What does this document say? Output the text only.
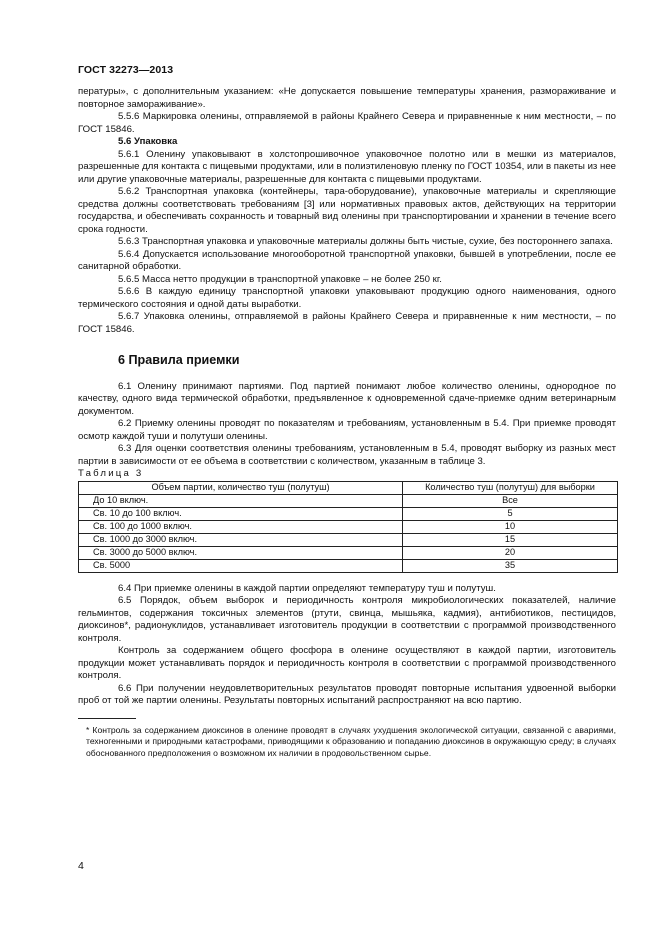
ГОСТ 32273—2013

пературы», с дополнительным указанием: «Не допускается повышение температуры хранения, размораживание и повторное замораживание».

5.5.6 Маркировка оленины, отправляемой в районы Крайнего Севера и приравненные к ним местности, – по ГОСТ 15846.

5.6 Упаковка

5.6.1 Оленину упаковывают в холстопрошивочное упаковочное полотно или в мешки из материалов, разрешенные для контакта с пищевыми продуктами, или в полиэтиленовую пленку по ГОСТ 10354, или в пакеты из нее или другие упаковочные материалы, разрешенные для контакта с пищевыми продуктами.

5.6.2 Транспортная упаковка (контейнеры, тара-оборудование), упаковочные материалы и скрепляющие средства должны соответствовать требованиям [3] или нормативных правовых актов, действующих на территории государства, и обеспечивать сохранность и товарный вид оленины при транспортировании и хранении в течение всего срока годности.

5.6.3 Транспортная упаковка и упаковочные материалы должны быть чистые, сухие, без постороннего запаха.

5.6.4 Допускается использование многооборотной транспортной упаковки, бывшей в употреблении, после ее санитарной обработки.

5.6.5 Масса нетто продукции в транспортной упаковке – не более 250 кг.

5.6.6 В каждую единицу транспортной упаковки упаковывают продукцию одного наименования, одного термического состояния и одной даты выработки.

5.6.7 Упаковка оленины, отправляемой в районы Крайнего Севера и приравненные к ним местности, – по ГОСТ 15846.

6 Правила приемки

6.1 Оленину принимают партиями. Под партией понимают любое количество оленины, однородное по качеству, одного вида термической обработки, предъявленное к одновременной сдаче-приемке одним ветеринарным документом.

6.2 Приемку оленины проводят по показателям и требованиям, установленным в 5.4. При приемке проводят осмотр каждой туши и полутуши оленины.

6.3 Для оценки соответствия оленины требованиям, установленным в 5.4, проводят выборку из разных мест партии в зависимости от ее объема в соответствии с количеством, указанным в таблице 3.

Таблица 3

Объем партии, количество туш (полутуш)	Количество туш (полутуш) для выборки
До 10 включ.	Все
Св. 10 до 100 включ.	5
Св. 100 до 1000 включ.	10
Св. 1000 до 3000 включ.	15
Св. 3000 до 5000 включ.	20
Св. 5000	35

6.4 При приемке оленины в каждой партии определяют температуру туш и полутуш.

6.5 Порядок, объем выборок и периодичность контроля микробиологических показателей, наличие гельминтов, содержания токсичных элементов (ртути, свинца, мышьяка, кадмия), антибиотиков, пестицидов, диоксинов*, радионуклидов, устанавливает изготовитель продукции в соответствии с программой производственного контроля.

Контроль за содержанием общего фосфора в оленине осуществляют в каждой партии, изготовитель продукции может устанавливать порядок и периодичность контроля в соответствии с программой производственного контроля.

6.6 При получении неудовлетворительных результатов проводят повторные испытания удвоенной выборки проб от той же партии оленины. Результаты повторных испытаний распространяют на всю партию.

* Контроль за содержанием диоксинов в оленине проводят в случаях ухудшения экологической ситуации, связанной с авариями, техногенными и природными катастрофами, приводящими к образованию и попаданию диоксинов в окружающую среду; в случаях обоснованного предположения о возможном их наличии в продовольственном сырье.

4
